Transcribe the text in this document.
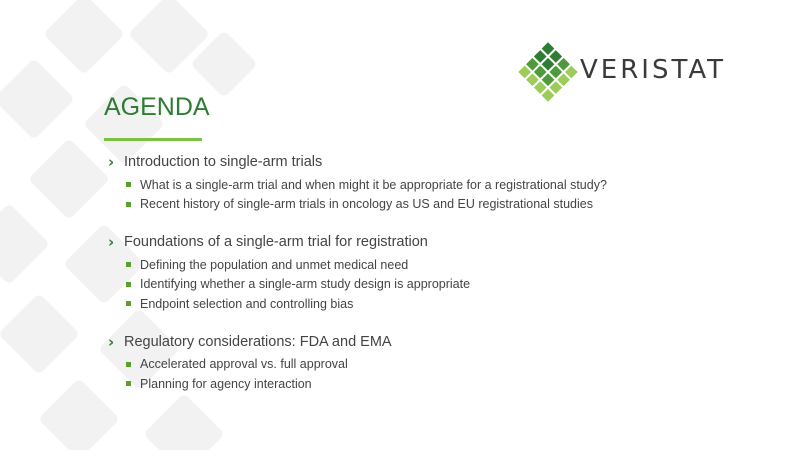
VERISTAT
AGENDA
› Introduction to single-arm trials
What is a single-arm trial and when might it be appropriate for a registrational study?
Recent history of single-arm trials in oncology as US and EU registrational studies
› Foundations of a single-arm trial for registration
Defining the population and unmet medical need
Identifying whether a single-arm study design is appropriate
Endpoint selection and controlling bias
› Regulatory considerations: FDA and EMA
Accelerated approval vs. full approval
Planning for agency interaction
